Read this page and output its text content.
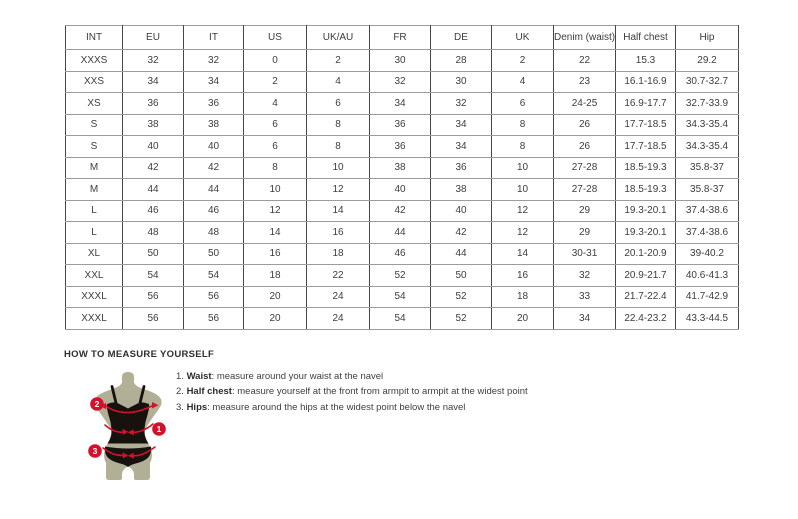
INT	EU	IT	US	UK/AU	FR	DE	UK	Denim (waist)	Half chest	Hip
XXXS	32	32	0	2	30	28	2	22	15.3	29.2
XXS	34	34	2	4	32	30	4	23	16.1-16.9	30.7-32.7
XS	36	36	4	6	34	32	6	24-25	16.9-17.7	32.7-33.9
S	38	38	6	8	36	34	8	26	17.7-18.5	34.3-35.4
S	40	40	6	8	36	34	8	26	17.7-18.5	34.3-35.4
M	42	42	8	10	38	36	10	27-28	18.5-19.3	35.8-37
M	44	44	10	12	40	38	10	27-28	18.5-19.3	35.8-37
L	46	46	12	14	42	40	12	29	19.3-20.1	37.4-38.6
L	48	48	14	16	44	42	12	29	19.3-20.1	37.4-38.6
XL	50	50	16	18	46	44	14	30-31	20.1-20.9	39-40.2
XXL	54	54	18	22	52	50	16	32	20.9-21.7	40.6-41.3
XXXL	56	56	20	24	54	52	18	33	21.7-22.4	41.7-42.9
XXXL	56	56	20	24	54	52	20	34	22.4-23.2	43.3-44.5
HOW TO MEASURE YOURSELF
2
1
3
1. Waist: measure around your waist at the navel
2. Half chest: measure yourself at the front from armpit to armpit at the widest point
3. Hips: measure around the hips at the widest point below the navel
